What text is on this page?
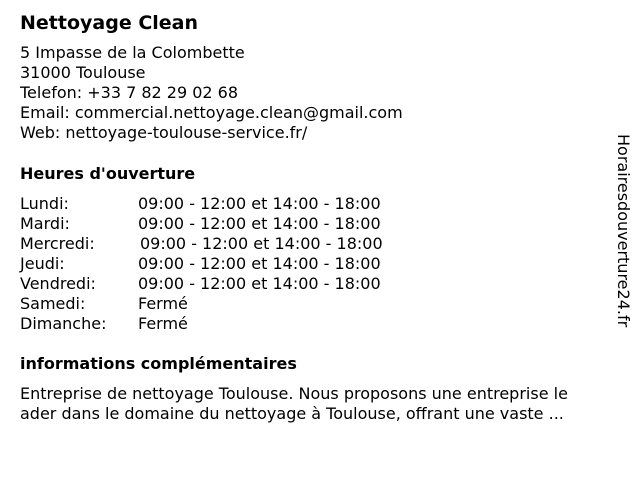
Nettoyage Clean
5 Impasse de la Colombette
31000 Toulouse
Telefon: +33 7 82 29 02 68
Email: commercial.nettoyage.clean@gmail.com
Web: nettoyage-toulouse-service.fr/
Heures d'ouverture
Lundi:	09:00 - 12:00 et 14:00 - 18:00
Mardi:	09:00 - 12:00 et 14:00 - 18:00
Mercredi:	09:00 - 12:00 et 14:00 - 18:00
Jeudi:	09:00 - 12:00 et 14:00 - 18:00
Vendredi:	09:00 - 12:00 et 14:00 - 18:00
Samedi:	Fermé
Dimanche: Fermé
informations complémentaires
Entreprise de nettoyage Toulouse. Nous proposons une entreprise le
ader dans le domaine du nettoyage à Toulouse, offrant une vaste ...
Horairesdouverture24.fr
